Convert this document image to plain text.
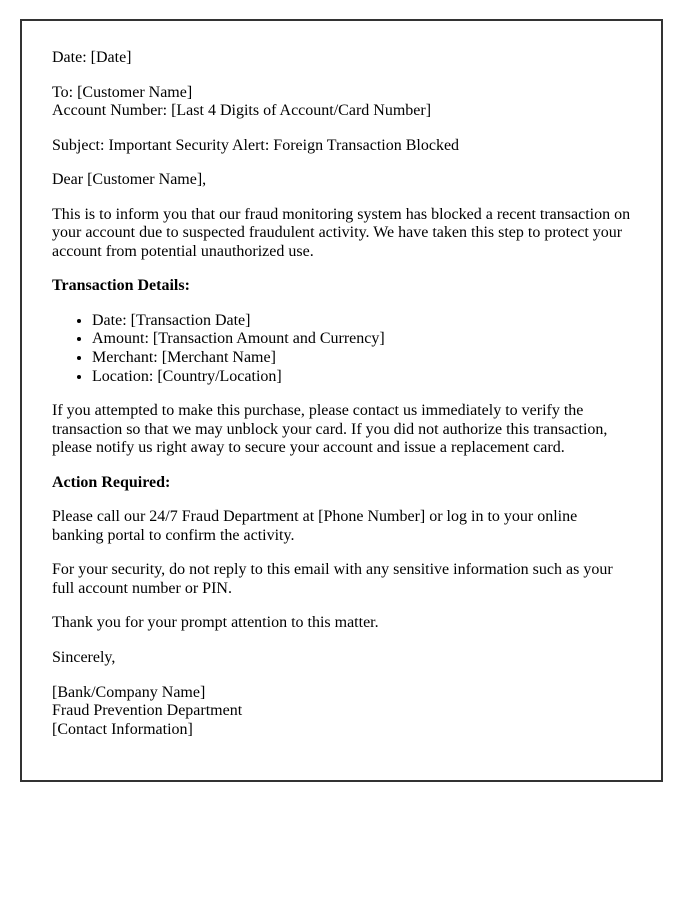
Date: [Date]

To: [Customer Name]
Account Number: [Last 4 Digits of Account/Card Number]

Subject: Important Security Alert: Foreign Transaction Blocked

Dear [Customer Name],

This is to inform you that our fraud monitoring system has blocked a recent transaction on your account due to suspected fraudulent activity. We have taken this step to protect your account from potential unauthorized use.

Transaction Details:

• Date: [Transaction Date]
• Amount: [Transaction Amount and Currency]
• Merchant: [Merchant Name]
• Location: [Country/Location]

If you attempted to make this purchase, please contact us immediately to verify the transaction so that we may unblock your card. If you did not authorize this transaction, please notify us right away to secure your account and issue a replacement card.

Action Required:

Please call our 24/7 Fraud Department at [Phone Number] or log in to your online banking portal to confirm the activity.

For your security, do not reply to this email with any sensitive information such as your full account number or PIN.

Thank you for your prompt attention to this matter.

Sincerely,

[Bank/Company Name]
Fraud Prevention Department
[Contact Information]
